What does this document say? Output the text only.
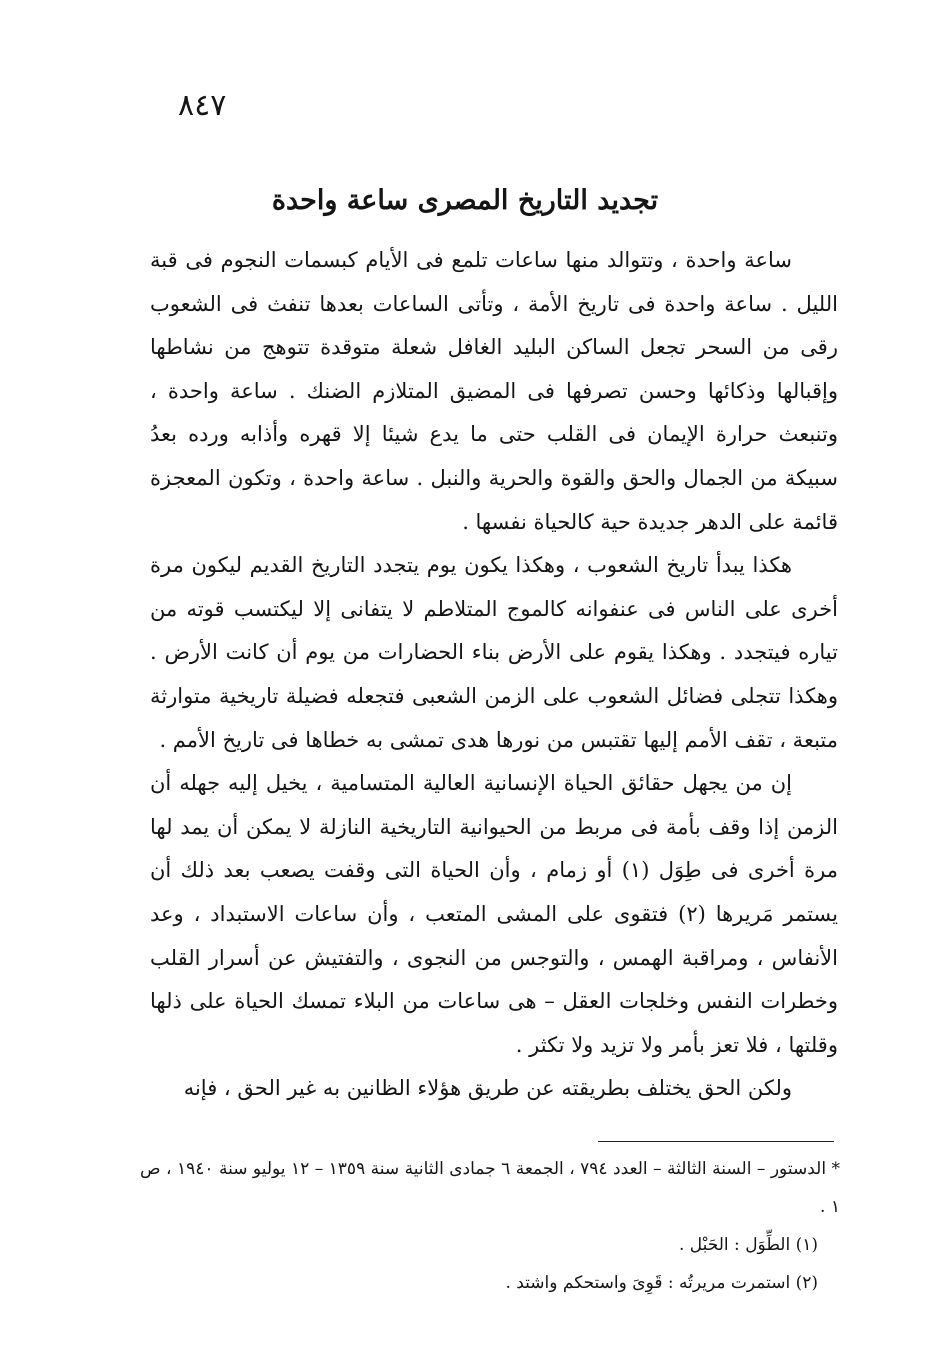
٨٤٧
تجديد التاريخ المصرى ساعة واحدة

ساعة واحدة ، وتتوالد منها ساعات تلمع فى الأيام كبسمات النجوم فى قبة الليل . ساعة واحدة فى تاريخ الأمة ، وتأتى الساعات بعدها تنفث فى الشعوب رقى من السحر تجعل الساكن البليد الغافل شعلة متوقدة تتوهج من نشاطها وإقبالها وذكائها وحسن تصرفها فى المضيق المتلازم الضنك . ساعة واحدة ، وتنبعث حرارة الإيمان فى القلب حتى ما يدع شيئا إلا قهره وأذابه ورده بعدُ سبيكة من الجمال والحق والقوة والحرية والنبل . ساعة واحدة ، وتكون المعجزة قائمة على الدهر جديدة حية كالحياة نفسها .

هكذا يبدأ تاريخ الشعوب ، وهكذا يكون يوم يتجدد التاريخ القديم ليكون مرة أخرى على الناس فى عنفوانه كالموج المتلاطم لا يتفانى إلا ليكتسب قوته من تياره فيتجدد . وهكذا يقوم على الأرض بناء الحضارات من يوم أن كانت الأرض . وهكذا تتجلى فضائل الشعوب على الزمن الشعبى فتجعله فضيلة تاريخية متوارثة متبعة ، تقف الأمم إليها تقتبس من نورها هدى تمشى به خطاها فى تاريخ الأمم .

إن من يجهل حقائق الحياة الإنسانية العالية المتسامية ، يخيل إليه جهله أن الزمن إذا وقف بأمة فى مربط من الحيوانية التاريخية النازلة لا يمكن أن يمد لها مرة أخرى فى طِوَل (١) أو زمام ، وأن الحياة التى وقفت يصعب بعد ذلك أن يستمر مَريرها (٢) فتقوى على المشى المتعب ، وأن ساعات الاستبداد ، وعد الأنفاس ، ومراقبة الهمس ، والتوجس من النجوى ، والتفتيش عن أسرار القلب وخطرات النفس وخلجات العقل – هى ساعات من البلاء تمسك الحياة على ذلها وقلتها ، فلا تعز بأمر ولا تزيد ولا تكثر .

ولكن الحق يختلف بطريقته عن طريق هؤلاء الظانين به غير الحق ، فإنه

* الدستور – السنة الثالثة – العدد ٧٩٤ ، الجمعة ٦ جمادى الثانية سنة ١٣٥٩ – ١٢ يوليو سنة ١٩٤٠ ، ص ١ .

(١) الطِّوَل : الحَبْل .

(٢) استمرت مريرتُه : قَوِىَ واستحكم واشتد .
